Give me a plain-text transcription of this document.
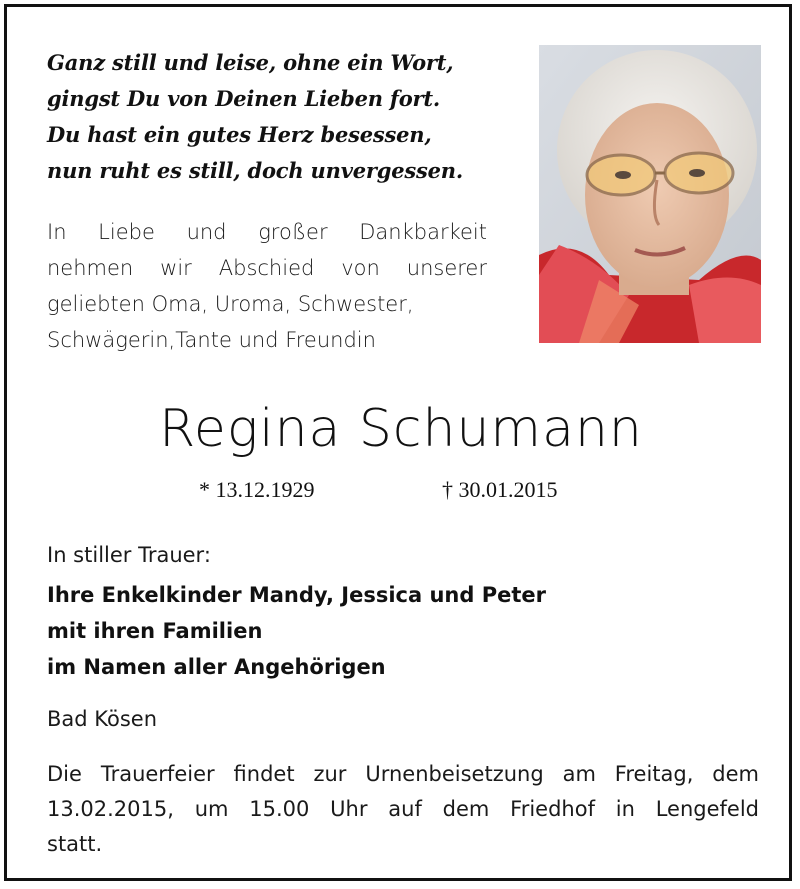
Ganz still und leise, ohne ein Wort,
gingst Du von Deinen Lieben fort.
Du hast ein gutes Herz besessen,
nun ruht es still, doch unvergessen.
In Liebe und großer Dankbarkeit
nehmen wir Abschied von unserer
geliebten Oma, Uroma, Schwester,
Schwägerin,Tante und Freundin
Regina Schumann
* 13.12.1929	† 30.01.2015
In stiller Trauer:
Ihre Enkelkinder Mandy, Jessica und Peter
mit ihren Familien
im Namen aller Angehörigen
Bad Kösen
Die Trauerfeier findet zur Urnenbeisetzung am Freitag, dem
13.02.2015, um 15.00 Uhr auf dem Friedhof in Lengefeld
statt.
